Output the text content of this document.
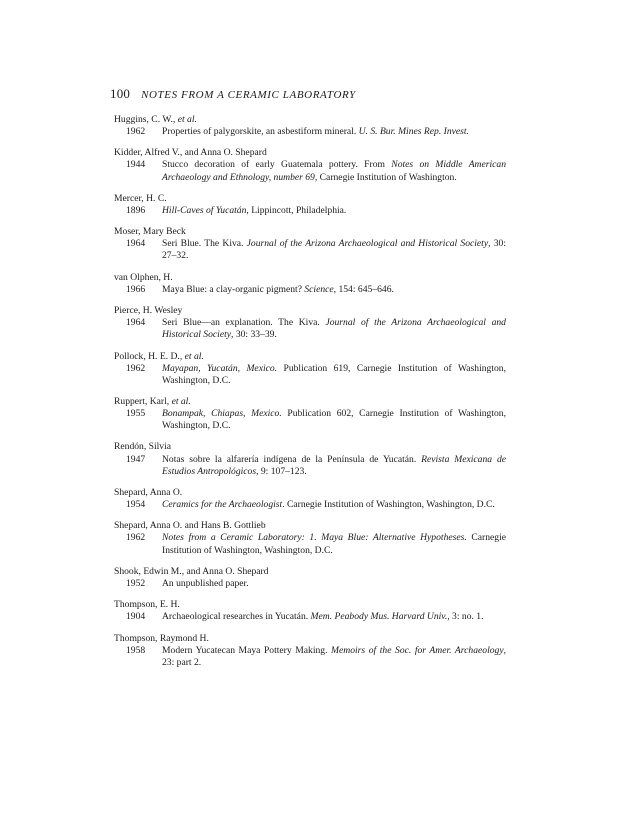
100 NOTES FROM A CERAMIC LABORATORY
Huggins, C. W., et al.
1962	Properties of palygorskite, an asbestiform mineral. U. S. Bur. Mines Rep. Invest.
Kidder, Alfred V., and Anna O. Shepard
1944	Stucco decoration of early Guatemala pottery. From Notes on Middle American Archaeology and Ethnology, number 69, Carnegie Institution of Washington.
Mercer, H. C.
1896	Hill-Caves of Yucatán, Lippincott, Philadelphia.
Moser, Mary Beck
1964	Seri Blue. The Kiva. Journal of the Arizona Archaeological and Historical Society, 30: 27–32.
van Olphen, H.
1966	Maya Blue: a clay-organic pigment? Science, 154: 645–646.
Pierce, H. Wesley
1964	Seri Blue—an explanation. The Kiva. Journal of the Arizona Archaeological and Historical Society, 30: 33–39.
Pollock, H. E. D., et al.
1962	Mayapan, Yucatán, Mexico. Publication 619, Carnegie Institution of Washington, Washington, D.C.
Ruppert, Karl, et al.
1955	Bonampak, Chiapas, Mexico. Publication 602, Carnegie Institution of Washington, Washington, D.C.
Rendón, Silvia
1947	Notas sobre la alfarería indígena de la Península de Yucatán. Revista Mexicana de Estudios Antropológicos, 9: 107–123.
Shepard, Anna O.
1954	Ceramics for the Archaeologist. Carnegie Institution of Washington, Washington, D.C.
Shepard, Anna O. and Hans B. Gottlieb
1962	Notes from a Ceramic Laboratory: 1. Maya Blue: Alternative Hypotheses. Carnegie Institution of Washington, Washington, D.C.
Shook, Edwin M., and Anna O. Shepard
1952	An unpublished paper.
Thompson, E. H.
1904	Archaeological researches in Yucatán. Mem. Peabody Mus. Harvard Univ., 3: no. 1.
Thompson, Raymond H.
1958	Modern Yucatecan Maya Pottery Making. Memoirs of the Soc. for Amer. Archaeology, 23: part 2.
